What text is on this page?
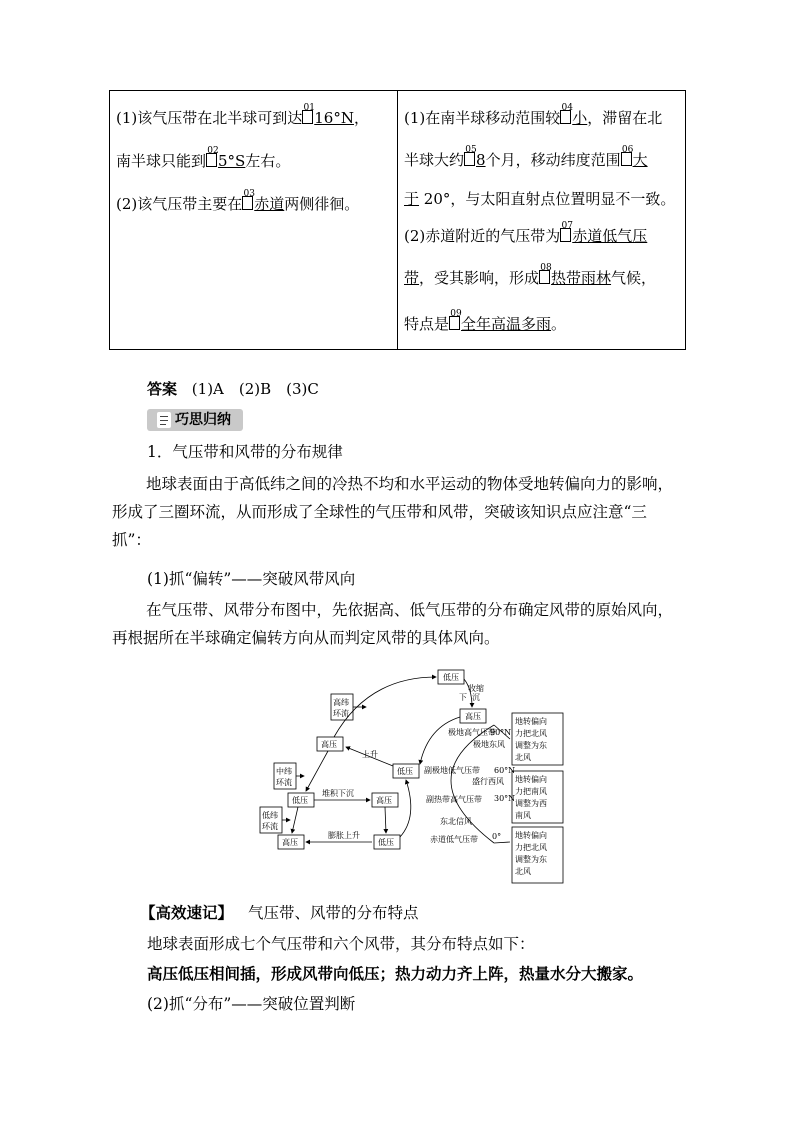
(1)该气压带在北半球可到达0116°N，
南半球只能到025°S左右。
(2)该气压带主要在03赤道两侧徘徊。

(1)在南半球移动范围较04小，滞留在北
半球大约058个月，移动纬度范围06大
于 20°，与太阳直射点位置明显不一致。
(2)赤道附近的气压带为07赤道低气压
带，受其影响，形成08热带雨林气候，
特点是09全年高温多雨。
答案 (1)A　(2)B　(3)C
巧思归纳
1．气压带和风带的分布规律
地球表面由于高低纬之间的冷热不均和水平运动的物体受地转偏向力的影响，形成了三圈环流，从而形成了全球性的气压带和风带，突破该知识点应注意“三抓”：
(1)抓“偏转”——突破风带风向
在气压带、风带分布图中，先依据高、低气压带的分布确定风带的原始风向，再根据所在半球确定偏转方向从而判定风带的具体风向。
高纬
环流
中纬
环流
低纬
环流
低压
收缩
下 沉
高压
高压
上升
低压
低压
堆积下沉
高压
高压
膨胀上升
低压
极地高气压带
极地东风
副极地低气压带
盛行西风
副热带高气压带
东北信风
赤道低气压带
90°N
60°N
30°N
0°
地转偏向
力把北风
调整为东
北风
地转偏向
力把南风
调整为西
南风
地转偏向
力把北风
调整为东
北风
【高效速记】 气压带、风带的分布特点
地球表面形成七个气压带和六个风带，其分布特点如下：
高压低压相间插，形成风带向低压；热力动力齐上阵，热量水分大搬家。
(2)抓“分布”——突破位置判断
